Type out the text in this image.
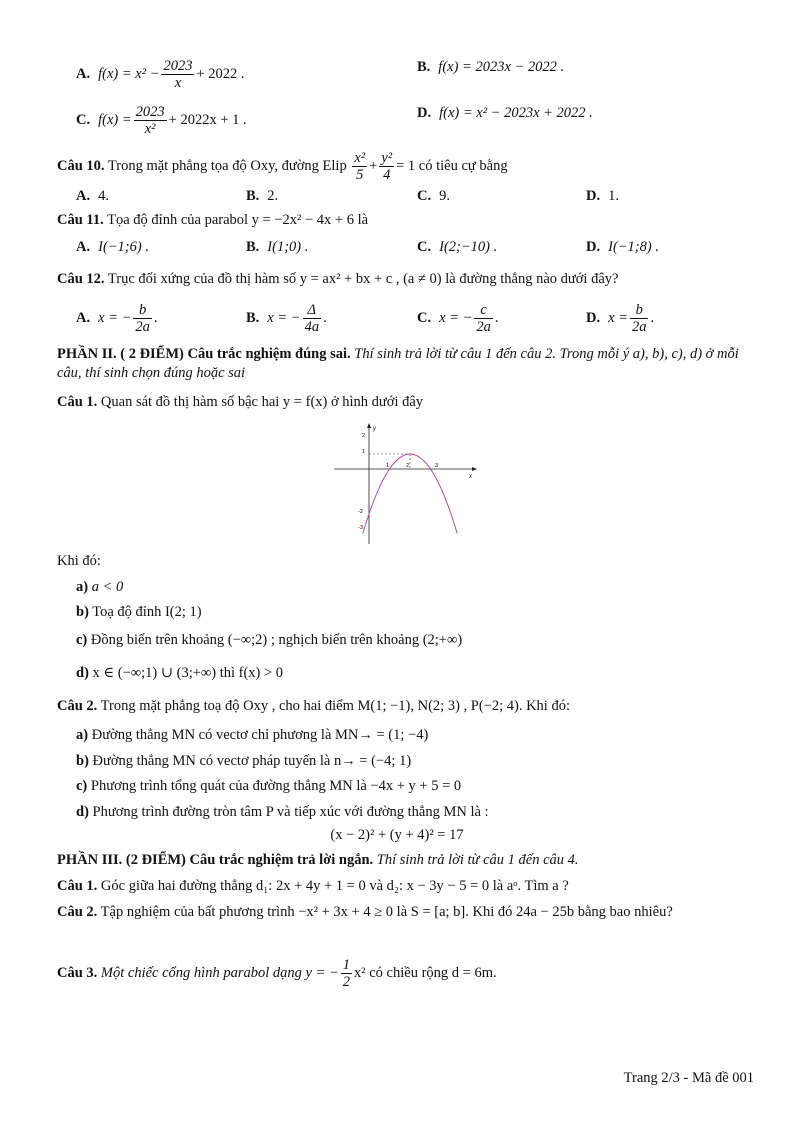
A. $f(x) = x^2 - \frac{2023}{x} + 2022$ .	B. f(x) = 2023x − 2022 .
C. $f(x) = \frac{2023}{\text{x²}} + 2022x + 1$ .	D. f(x) = x² − 2023x + 2022 .
Câu 10. Trong mặt phẳng tọa độ Oxy, đường Elip $\frac{\text{x²}}{5} + \frac{\text{y²}}{4} = 1$ có tiêu cự bằng
A. 4.	B. 2.	C. 9.	D. 1.
Câu 11. Tọa độ đỉnh của parabol y = −2x² − 4x + 6 là
A. I(−1;6) .	B. I(1;0) .	C. I(2;−10) .	D. I(−1;8) .
Câu 12. Trục đối xứng của đồ thị hàm số y = ax² + bx + c , (a ≠ 0) là đường thẳng nào dưới đây?
A. x = − $\frac{b}{2a}$ .	B. x = − $\frac{\Delta}{4a}$ .	C. x = − $\frac{c}{2a}$ .	D. $x = \frac{b}{2a}$ .
PHẦN II. ( 2 ĐIỂM) Câu trắc nghiệm đúng sai. Thí sinh trả lời từ câu 1 đến câu 2. Trong mỗi ý a), b), c), d) ở mỗi câu, thí sinh chọn đúng hoặc sai
Câu 1. Quan sát đồ thị hàm số bậc hai y = f(x) ở hình dưới đây
y
x
2
1
1	2	3
-2
-3
Khi đó:
a) a < 0
b) Toạ độ đỉnh I(2; 1)
c) Đồng biến trên khoảng (−∞;2) ; nghịch biến trên khoảng (2;+∞)
d) x ∈ (−∞;1) ∪ (3;+∞) thì f(x) > 0
Câu 2. Trong mặt phẳng toạ độ Oxy , cho hai điểm M(1; −1), N(2; 3) , P(−2; 4). Khi đó:
a) Đường thẳng MN có vectơ chỉ phương là MN→ = (1; −4)
b) Đường thẳng MN có vectơ pháp tuyến là n→ = (−4; 1)
c) Phương trình tổng quát của đường thẳng MN là −4x + y + 5 = 0
d) Phương trình đường tròn tâm P và tiếp xúc với đường thẳng MN là :
(x − 2)² + (y + 4)² = 17
PHẦN III. (2 ĐIỂM) Câu trắc nghiệm trả lời ngắn. Thí sinh trả lời từ câu 1 đến câu 4.
Câu 1. Góc giữa hai đường thẳng d₁: 2x + 4y + 1 = 0 và d₂: x − 3y − 5 = 0 là aᵒ. Tìm a ?
Câu 2. Tập nghiệm của bất phương trình −x² + 3x + 4 ≥ 0 là S = [a; b]. Khi đó 24a − 25b bằng bao nhiêu?
Câu 3. Một chiếc cổng hình parabol dạng y = − $\frac{1}{2} x^2$ có chiều rộng d = 6m.
Trang 2/3 - Mã đề 001
